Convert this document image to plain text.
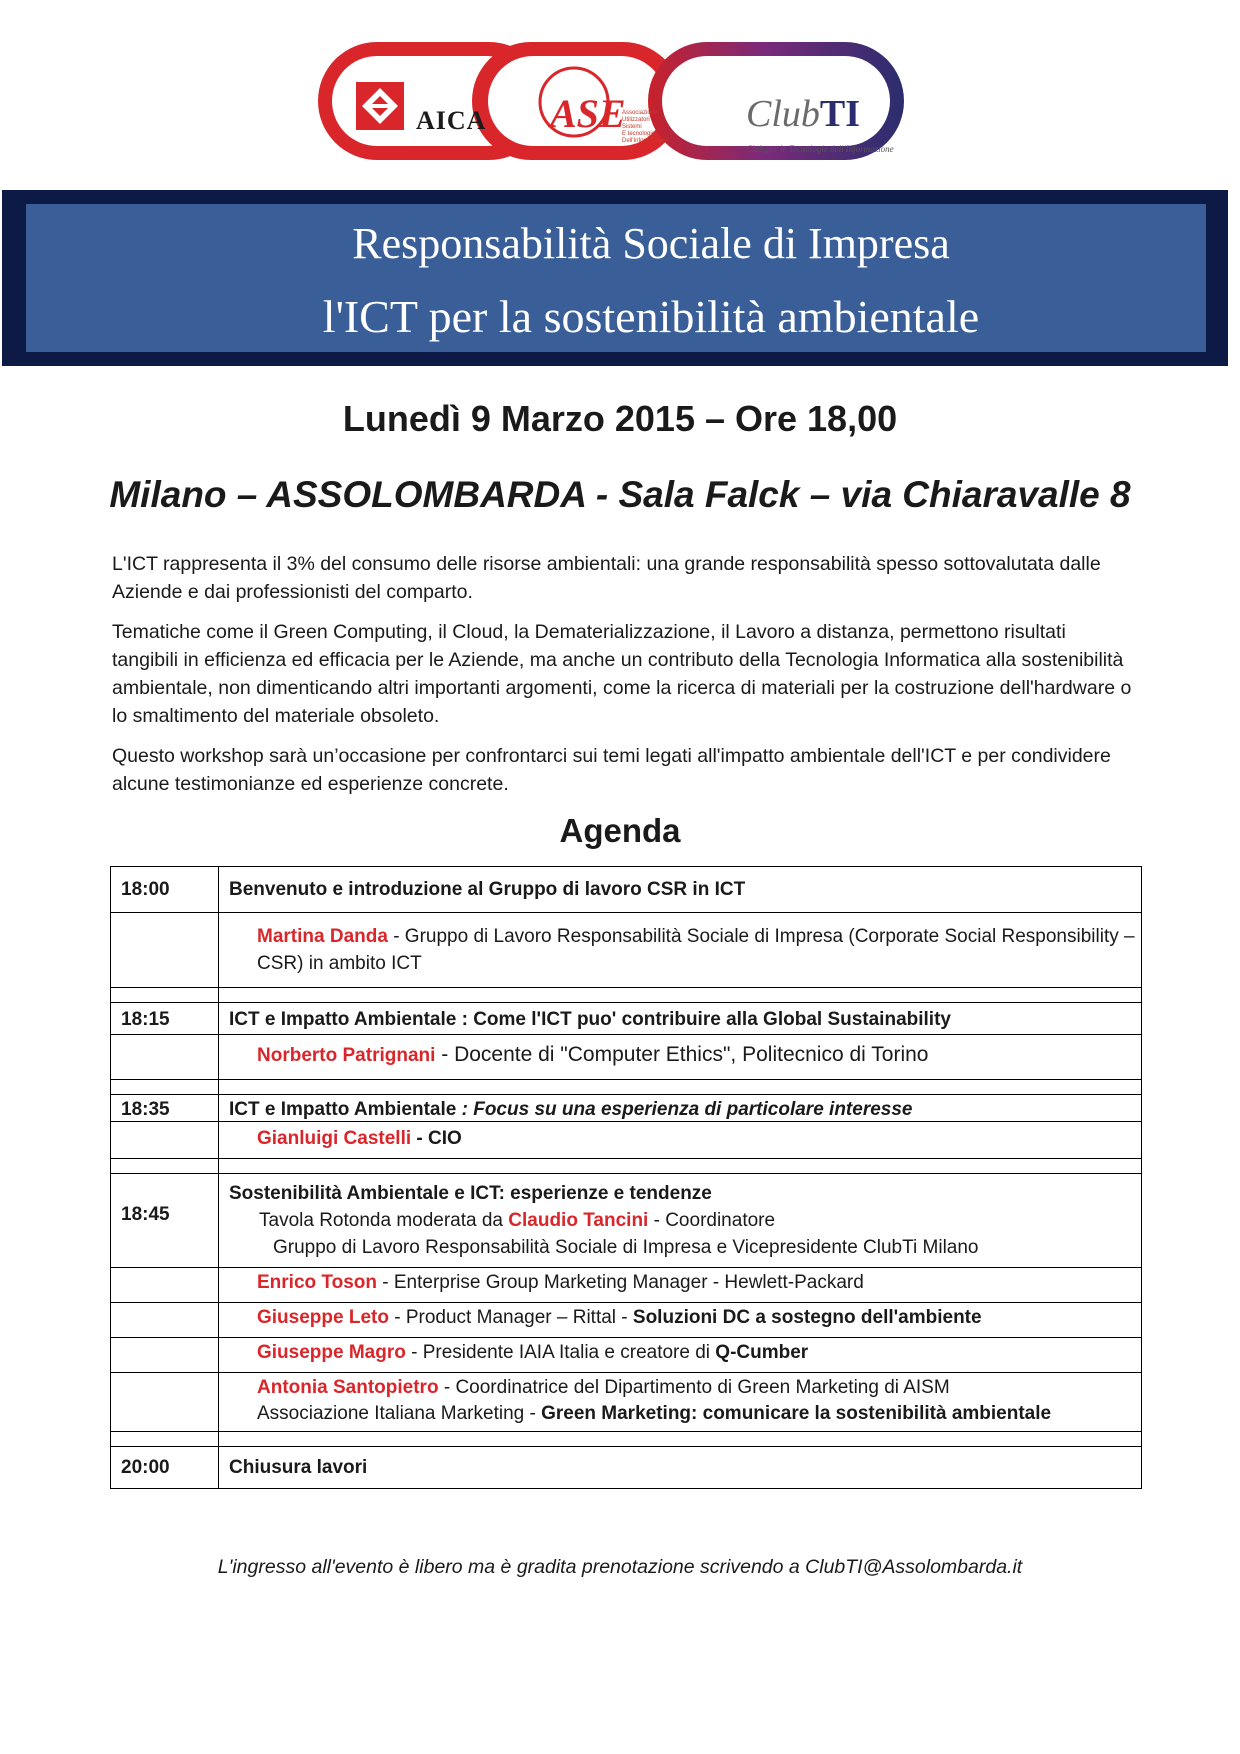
AICA ASE
Associazione
Utilizzatori
Sistemi
E tecnologie
Dell'Informazione
ClubTI
Club per le Tecnologie dell'Informazione
Responsabilità Sociale di Impresa
l'ICT per la sostenibilità ambientale
Lunedì 9 Marzo 2015 – Ore 18,00
Milano – ASSOLOMBARDA - Sala Falck – via Chiaravalle 8

L'ICT rappresenta il 3% del consumo delle risorse ambientali: una grande responsabilità spesso sottovalutata dalle Aziende e dai professionisti del comparto.

Tematiche come il Green Computing, il Cloud, la Dematerializzazione, il Lavoro a distanza, permettono risultati tangibili in efficienza ed efficacia per le Aziende, ma anche un contributo della Tecnologia Informatica alla sostenibilità ambientale, non dimenticando altri importanti argomenti, come la ricerca di materiali per la costruzione dell'hardware o lo smaltimento del materiale obsoleto.

Questo workshop sarà un’occasione per confrontarci sui temi legati all'impatto ambientale dell'ICT e per condividere alcune testimonianze ed esperienze concrete.

Agenda
18:00	Benvenuto e introduzione al Gruppo di lavoro CSR in ICT

	Martina Danda - Gruppo di Lavoro Responsabilità Sociale di Impresa (Corporate Social Responsibility – CSR) in ambito ICT

18:15	ICT e Impatto Ambientale : Come l'ICT puo' contribuire alla Global Sustainability

	Norberto Patrignani - Docente di "Computer Ethics", Politecnico di Torino

18:35	ICT e Impatto Ambientale : Focus su una esperienza di particolare interesse

	Gianluigi Castelli - CIO

18:45	Sostenibilità Ambientale e ICT: esperienze e tendenze
Tavola Rotonda moderata da Claudio Tancini - Coordinatore
Gruppo di Lavoro Responsabilità Sociale di Impresa e Vicepresidente ClubTi Milano

	Enrico Toson - Enterprise Group Marketing Manager - Hewlett-Packard

	Giuseppe Leto - Product Manager – Rittal - Soluzioni DC a sostegno dell'ambiente

	Giuseppe Magro - Presidente IAIA Italia e creatore di Q-Cumber

	Antonia Santopietro - Coordinatrice del Dipartimento di Green Marketing di AISM
Associazione Italiana Marketing - Green Marketing: comunicare la sostenibilità ambientale

20:00	Chiusura lavori
L'ingresso all'evento è libero ma è gradita prenotazione scrivendo a ClubTI@Assolombarda.it
